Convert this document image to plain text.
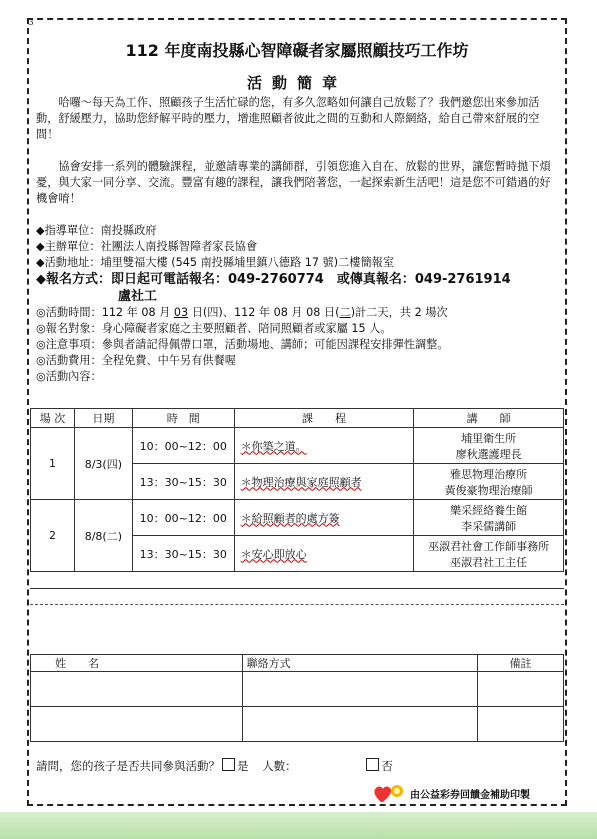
3
112 年度南投縣心智障礙者家屬照顧技巧工作坊
活動簡章
　　哈囉～每天為工作、照顧孩子生活忙碌的您，有多久忽略如何讓自己放鬆了？我們邀您出來參加活動，舒緩壓力，協助您紓解平時的壓力，增進照顧者彼此之間的互動和人際網絡，給自己帶來舒展的空間！
　　協會安排一系列的體驗課程，並邀請專業的講師群，引領您進入自在、放鬆的世界，讓您暫時拋下煩憂，與大家一同分享、交流。豐富有趣的課程，讓我們陪著您，一起探索新生活吧！這是您不可錯過的好機會唷！
◆指導單位：南投縣政府
◆主辦單位：社團法人南投縣智障者家長協會
◆活動地址：埔里雙福大樓 (545 南投縣埔里鎮八德路 17 號)二樓簡報室
◆報名方式：即日起可電話報名：049-2760774　或傳真報名：049-2761914
盧社工
◎活動時間：112 年 08 月 03 日(四)、112 年 08 月 08 日(二)計二天，共 2 場次
◎報名對象：身心障礙者家庭之主要照顧者、陪同照顧者或家屬 15 人。
◎注意事項：參與者請記得佩帶口罩，活動場地、講師；可能因課程安排彈性調整。
◎活動費用：全程免費、中午另有供餐喔
◎活動內容：
場 次	日期	時　間	課　　程	講　　師
1	8/3(四)	10：00~12：00	＊你築之道。	埔里衛生所
廖秋選護理長

		13：30~15：30	＊物理治療與家庭照顧者	雅思物理治療所
黃俊豪物理治療師

2	8/8(二)	10：00~12：00	＊給照顧者的處方簽	樂采經絡養生館
李采儒講師

		13：30~15：30	＊安心即放心	巫淑君社會工作師事務所
巫淑君社工主任
姓　　名	聯絡方式	備註

請問，您的孩子是否共同參與活動？ 是 人數：	否
由公益彩券回饋金補助印製
